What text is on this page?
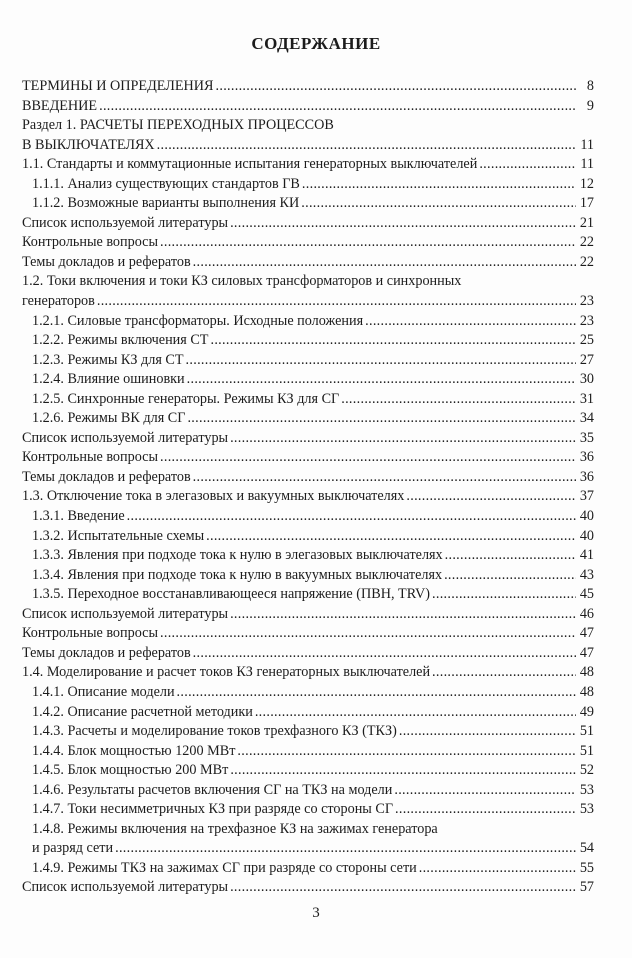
СОДЕРЖАНИЕ
ТЕРМИНЫ И ОПРЕДЕЛЕНИЯ .....	8
ВВЕДЕНИЕ .....	9
Раздел 1. РАСЧЕТЫ ПЕРЕХОДНЫХ ПРОЦЕССОВ
В ВЫКЛЮЧАТЕЛЯХ .....	11
1.1. Стандарты и коммутационные испытания генераторных выключателей .....	11
1.1.1. Анализ существующих стандартов ГВ .....	12
1.1.2. Возможные варианты выполнения КИ .....	17
Список используемой литературы .....	21
Контрольные вопросы .....	22
Темы докладов и рефератов .....	22
1.2. Токи включения и токи КЗ силовых трансформаторов и синхронных
генераторов .....	23
1.2.1. Силовые трансформаторы. Исходные положения .....	23
1.2.2. Режимы включения СТ .....	25
1.2.3. Режимы КЗ для СТ .....	27
1.2.4. Влияние ошиновки .....	30
1.2.5. Синхронные генераторы. Режимы КЗ для СГ .....	31
1.2.6. Режимы ВК для СГ .....	34
Список используемой литературы .....	35
Контрольные вопросы .....	36
Темы докладов и рефератов .....	36
1.3. Отключение тока в элегазовых и вакуумных выключателях .....	37
1.3.1. Введение .....	40
1.3.2. Испытательные схемы .....	40
1.3.3. Явления при подходе тока к нулю в элегазовых выключателях .....	41
1.3.4. Явления при подходе тока к нулю в вакуумных выключателях .....	43
1.3.5. Переходное восстанавливающееся напряжение (ПВН, TRV) .....	45
Список используемой литературы .....	46
Контрольные вопросы .....	47
Темы докладов и рефератов .....	47
1.4. Моделирование и расчет токов КЗ генераторных выключателей .....	48
1.4.1. Описание модели .....	48
1.4.2. Описание расчетной методики .....	49
1.4.3. Расчеты и моделирование токов трехфазного КЗ (ТКЗ) .....	51
1.4.4. Блок мощностью 1200 МВт .....	51
1.4.5. Блок мощностью 200 МВт .....	52
1.4.6. Результаты расчетов включения СГ на ТКЗ на модели .....	53
1.4.7. Токи несимметричных КЗ при разряде со стороны СГ .....	53
1.4.8. Режимы включения на трехфазное КЗ на зажимах генератора
и разряд сети .....	54
1.4.9. Режимы ТКЗ на зажимах СГ при разряде со стороны сети .....	55
Список используемой литературы .....	57
3
